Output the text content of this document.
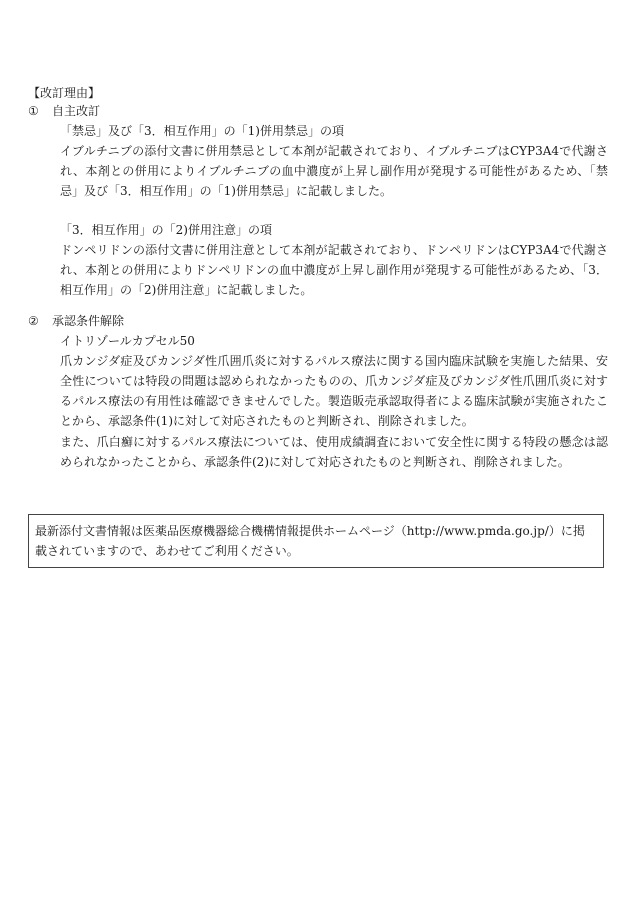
【改訂理由】
①	自主改訂
「禁忌」及び「3．相互作用」の「1)併用禁忌」の項
イブルチニブの添付文書に併用禁忌として本剤が記載されており、イブルチニブはCYP3A4で代謝され、本剤との併用によりイブルチニブの血中濃度が上昇し副作用が発現する可能性があるため、「禁忌」及び「3．相互作用」の「1)併用禁忌」に記載しました。
「3．相互作用」の「2)併用注意」の項
ドンペリドンの添付文書に併用注意として本剤が記載されており、ドンペリドンはCYP3A4で代謝され、本剤との併用によりドンペリドンの血中濃度が上昇し副作用が発現する可能性があるため、「3．相互作用」の「2)併用注意」に記載しました。
②	承認条件解除
イトリゾールカプセル50
爪カンジダ症及びカンジダ性爪囲爪炎に対するパルス療法に関する国内臨床試験を実施した結果、安全性については特段の問題は認められなかったものの、爪カンジダ症及びカンジダ性爪囲爪炎に対するパルス療法の有用性は確認できませんでした。製造販売承認取得者による臨床試験が実施されたことから、承認条件(1)に対して対応されたものと判断され、削除されました。
また、爪白癬に対するパルス療法については、使用成績調査において安全性に関する特段の懸念は認められなかったことから、承認条件(2)に対して対応されたものと判断され、削除されました。
最新添付文書情報は医薬品医療機器総合機構情報提供ホームページ（http://www.pmda.go.jp/）に掲載されていますので、あわせてご利用ください。
